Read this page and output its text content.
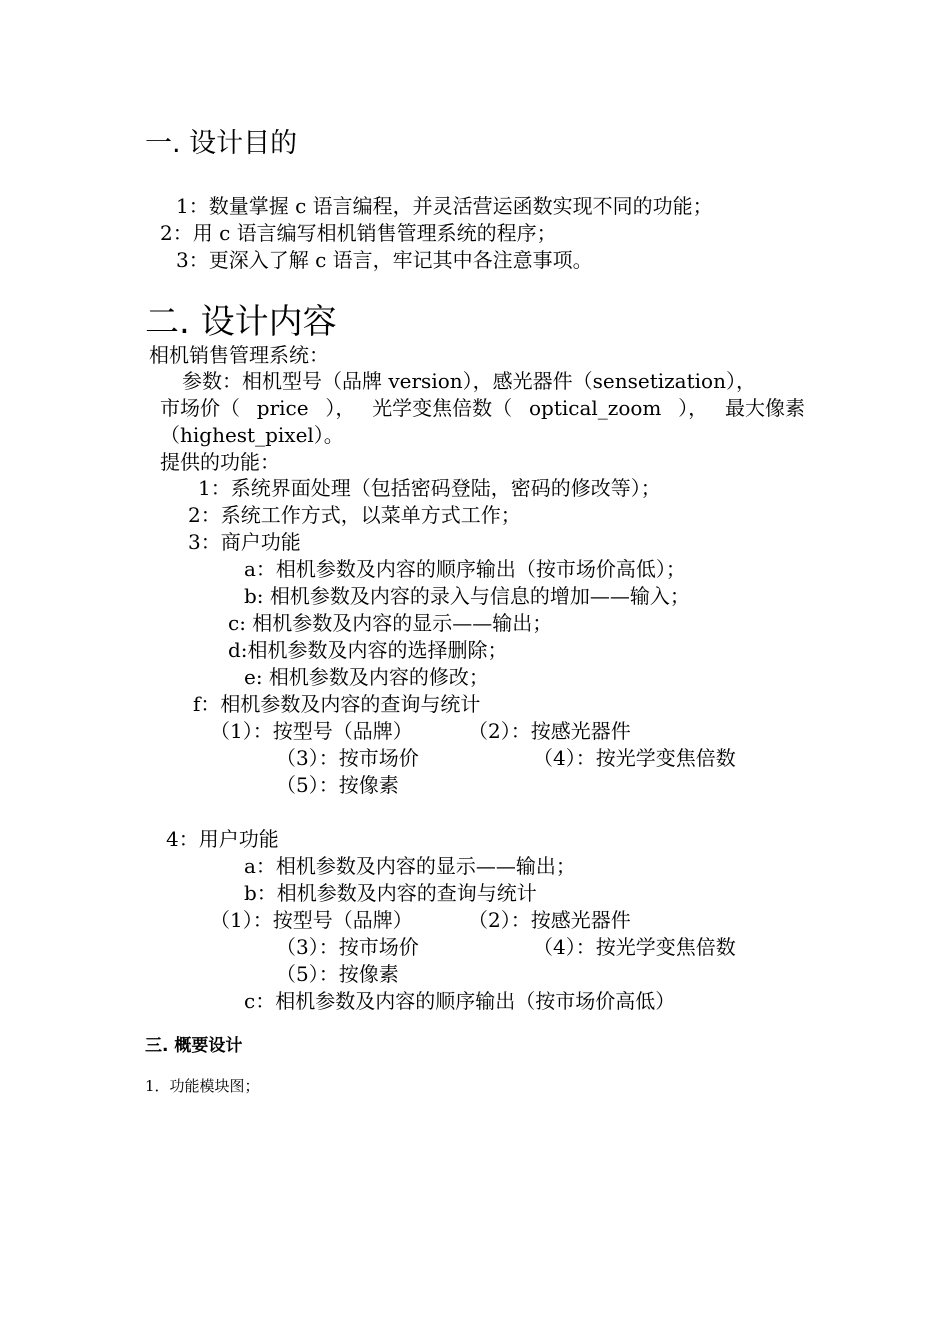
一. 设计目的
1：数量掌握 c 语言编程，并灵活营运函数实现不同的功能；
2：用 c 语言编写相机销售管理系统的程序；
3：更深入了解 c 语言，牢记其中各注意事项。
二. 设计内容
相机销售管理系统：
参数：相机型号（品牌 version），感光器件（sensetization），
市场价（ price ）， 光学变焦倍数（ optical_zoom ）， 最大像素
（highest_pixel）。
提供的功能：
1：系统界面处理（包括密码登陆，密码的修改等）；
2：系统工作方式，以菜单方式工作；
3：商户功能
a：相机参数及内容的顺序输出（按市场价高低）；
b: 相机参数及内容的录入与信息的增加——输入；
c: 相机参数及内容的显示——输出；
d:相机参数及内容的选择删除；
e: 相机参数及内容的修改；
f：相机参数及内容的查询与统计
（1）：按型号（品牌）	（2）：按感光器件
（3）：按市场价	（4）：按光学变焦倍数
（5）：按像素
4：用户功能
a：相机参数及内容的显示——输出；
b：相机参数及内容的查询与统计
（1）：按型号（品牌）	（2）：按感光器件
（3）：按市场价	（4）：按光学变焦倍数
（5）：按像素
c：相机参数及内容的顺序输出（按市场价高低）
三. 概要设计
1．功能模块图；
